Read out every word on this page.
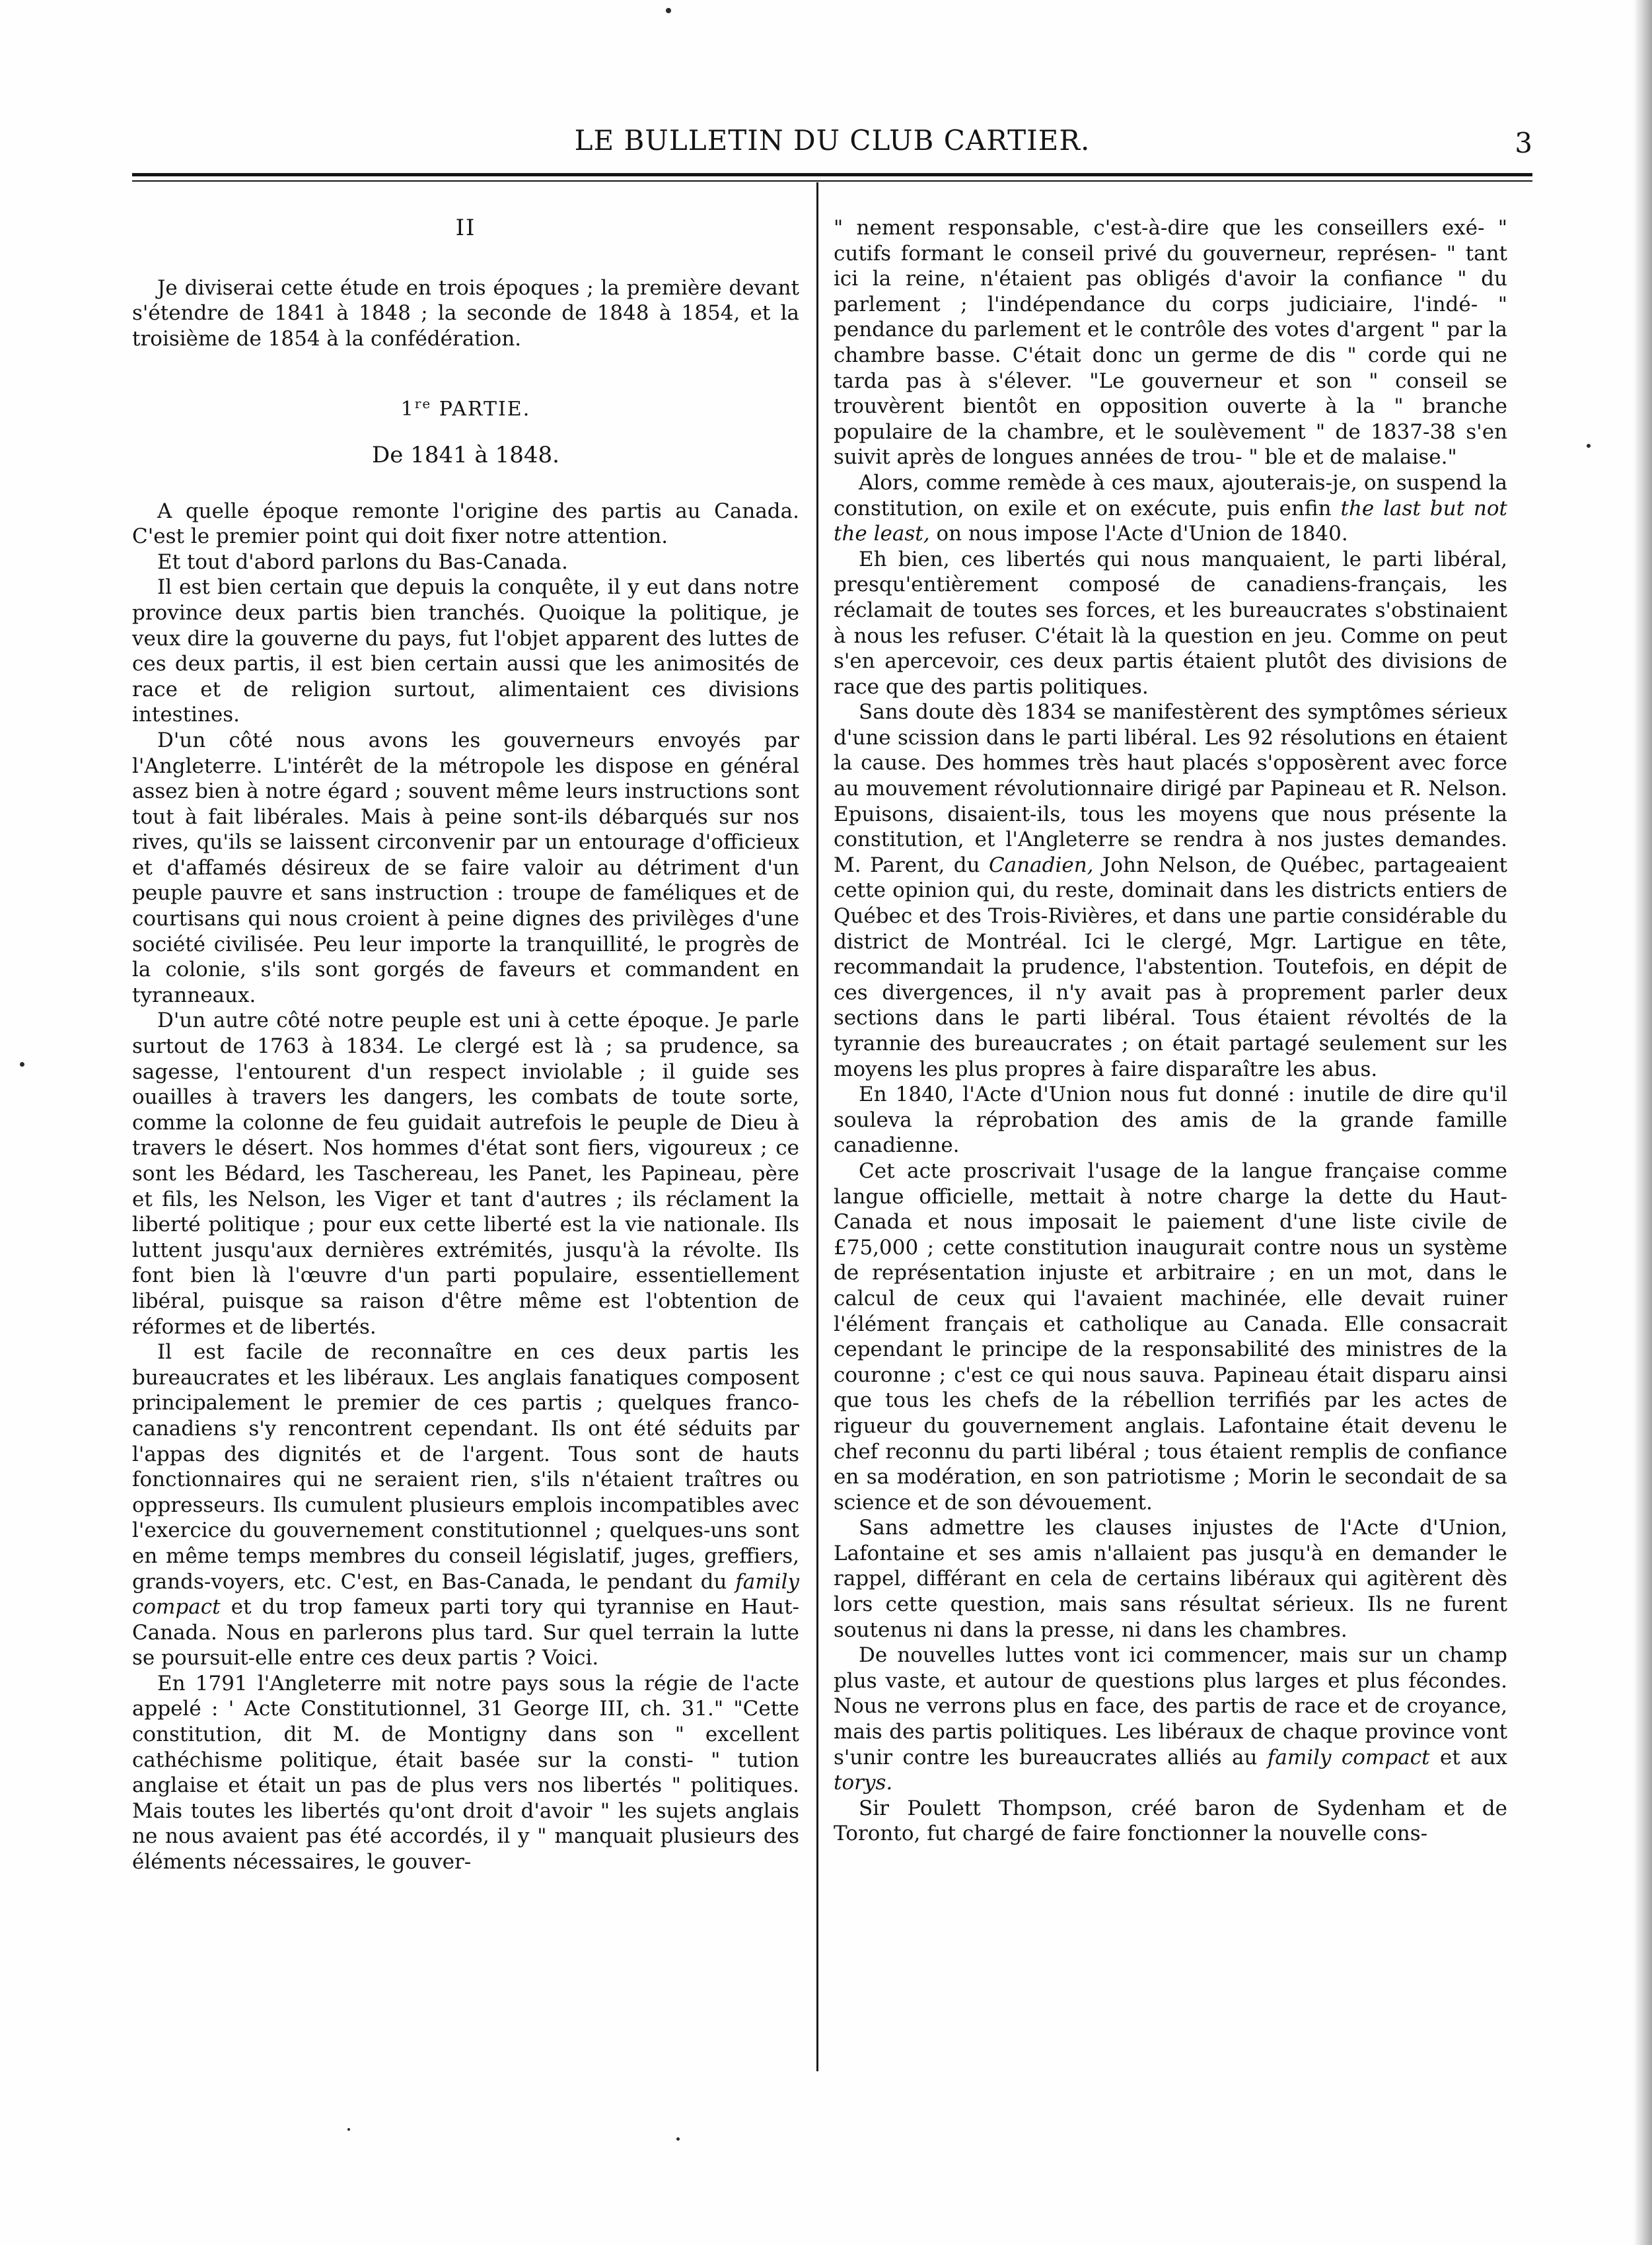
LE BULLETIN DU CLUB CARTIER.	3
II

Je diviserai cette étude en trois époques ; la première devant s'étendre de 1841 à 1848 ; la seconde de 1848 à 1854, et la troisième de 1854 à la confédération.

1re PARTIE.
De 1841 à 1848.

A quelle époque remonte l'origine des partis au Canada. C'est le premier point qui doit fixer notre attention.

Et tout d'abord parlons du Bas-Canada.

Il est bien certain que depuis la conquête, il y eut dans notre province deux partis bien tranchés. Quoique la politique, je veux dire la gouverne du pays, fut l'objet apparent des luttes de ces deux partis, il est bien certain aussi que les animosités de race et de religion surtout, alimentaient ces divisions intestines.

D'un côté nous avons les gouverneurs envoyés par l'Angleterre. L'intérêt de la métropole les dispose en général assez bien à notre égard ; souvent même leurs instructions sont tout à fait libérales. Mais à peine sont-ils débarqués sur nos rives, qu'ils se laissent circonvenir par un entourage d'officieux et d'affamés désireux de se faire valoir au détriment d'un peuple pauvre et sans instruction : troupe de faméliques et de courtisans qui nous croient à peine dignes des privilèges d'une société civilisée. Peu leur importe la tranquillité, le progrès de la colonie, s'ils sont gorgés de faveurs et commandent en tyranneaux.

D'un autre côté notre peuple est uni à cette époque. Je parle surtout de 1763 à 1834. Le clergé est là ; sa prudence, sa sagesse, l'entourent d'un respect inviolable ; il guide ses ouailles à travers les dangers, les combats de toute sorte, comme la colonne de feu guidait autrefois le peuple de Dieu à travers le désert. Nos hommes d'état sont fiers, vigoureux ; ce sont les Bédard, les Taschereau, les Panet, les Papineau, père et fils, les Nelson, les Viger et tant d'autres ; ils réclament la liberté politique ; pour eux cette liberté est la vie nationale. Ils luttent jusqu'aux dernières extrémités, jusqu'à la révolte. Ils font bien là l'œuvre d'un parti populaire, essentiellement libéral, puisque sa raison d'être même est l'obtention de réformes et de libertés.

Il est facile de reconnaître en ces deux partis les bureaucrates et les libéraux. Les anglais fanatiques composent principalement le premier de ces partis ; quelques franco-canadiens s'y rencontrent cependant. Ils ont été séduits par l'appas des dignités et de l'argent. Tous sont de hauts fonctionnaires qui ne seraient rien, s'ils n'étaient traîtres ou oppresseurs. Ils cumulent plusieurs emplois incompatibles avec l'exercice du gouvernement constitutionnel ; quelques-uns sont en même temps membres du conseil législatif, juges, greffiers, grands-voyers, etc. C'est, en Bas-Canada, le pendant du family compact et du trop fameux parti tory qui tyrannise en Haut-Canada. Nous en parlerons plus tard. Sur quel terrain la lutte se poursuit-elle entre ces deux partis ? Voici.

En 1791 l'Angleterre mit notre pays sous la régie de l'acte appelé : ' Acte Constitutionnel, 31 George III, ch. 31." "Cette constitution, dit M. de Montigny dans son " excellent cathéchisme politique, était basée sur la consti- " tution anglaise et était un pas de plus vers nos libertés " politiques. Mais toutes les libertés qu'ont droit d'avoir " les sujets anglais ne nous avaient pas été accordés, il y " manquait plusieurs des éléments nécessaires, le gouver-

" nement responsable, c'est-à-dire que les conseillers exé- " cutifs formant le conseil privé du gouverneur, représen- " tant ici la reine, n'étaient pas obligés d'avoir la confiance " du parlement ; l'indépendance du corps judiciaire, l'indé- " pendance du parlement et le contrôle des votes d'argent " par la chambre basse. C'était donc un germe de dis " corde qui ne tarda pas à s'élever. "Le gouverneur et son " conseil se trouvèrent bientôt en opposition ouverte à la " branche populaire de la chambre, et le soulèvement " de 1837-38 s'en suivit après de longues années de trou- " ble et de malaise."

Alors, comme remède à ces maux, ajouterais-je, on suspend la constitution, on exile et on exécute, puis enfin the last but not the least, on nous impose l'Acte d'Union de 1840.

Eh bien, ces libertés qui nous manquaient, le parti libéral, presqu'entièrement composé de canadiens-français, les réclamait de toutes ses forces, et les bureaucrates s'obstinaient à nous les refuser. C'était là la question en jeu. Comme on peut s'en apercevoir, ces deux partis étaient plutôt des divisions de race que des partis politiques.

Sans doute dès 1834 se manifestèrent des symptômes sérieux d'une scission dans le parti libéral. Les 92 résolutions en étaient la cause. Des hommes très haut placés s'opposèrent avec force au mouvement révolutionnaire dirigé par Papineau et R. Nelson. Epuisons, disaient-ils, tous les moyens que nous présente la constitution, et l'Angleterre se rendra à nos justes demandes. M. Parent, du Canadien, John Nelson, de Québec, partageaient cette opinion qui, du reste, dominait dans les districts entiers de Québec et des Trois-Rivières, et dans une partie considérable du district de Montréal. Ici le clergé, Mgr. Lartigue en tête, recommandait la prudence, l'abstention. Toutefois, en dépit de ces divergences, il n'y avait pas à proprement parler deux sections dans le parti libéral. Tous étaient révoltés de la tyrannie des bureaucrates ; on était partagé seulement sur les moyens les plus propres à faire disparaître les abus.

En 1840, l'Acte d'Union nous fut donné : inutile de dire qu'il souleva la réprobation des amis de la grande famille canadienne.

Cet acte proscrivait l'usage de la langue française comme langue officielle, mettait à notre charge la dette du Haut-Canada et nous imposait le paiement d'une liste civile de £75,000 ; cette constitution inaugurait contre nous un système de représentation injuste et arbitraire ; en un mot, dans le calcul de ceux qui l'avaient machinée, elle devait ruiner l'élément français et catholique au Canada. Elle consacrait cependant le principe de la responsabilité des ministres de la couronne ; c'est ce qui nous sauva. Papineau était disparu ainsi que tous les chefs de la rébellion terrifiés par les actes de rigueur du gouvernement anglais. Lafontaine était devenu le chef reconnu du parti libéral ; tous étaient remplis de confiance en sa modération, en son patriotisme ; Morin le secondait de sa science et de son dévouement.

Sans admettre les clauses injustes de l'Acte d'Union, Lafontaine et ses amis n'allaient pas jusqu'à en demander le rappel, différant en cela de certains libéraux qui agitèrent dès lors cette question, mais sans résultat sérieux. Ils ne furent soutenus ni dans la presse, ni dans les chambres.

De nouvelles luttes vont ici commencer, mais sur un champ plus vaste, et autour de questions plus larges et plus fécondes. Nous ne verrons plus en face, des partis de race et de croyance, mais des partis politiques. Les libéraux de chaque province vont s'unir contre les bureaucrates alliés au family compact et aux torys.

Sir Poulett Thompson, créé baron de Sydenham et de Toronto, fut chargé de faire fonctionner la nouvelle cons-
